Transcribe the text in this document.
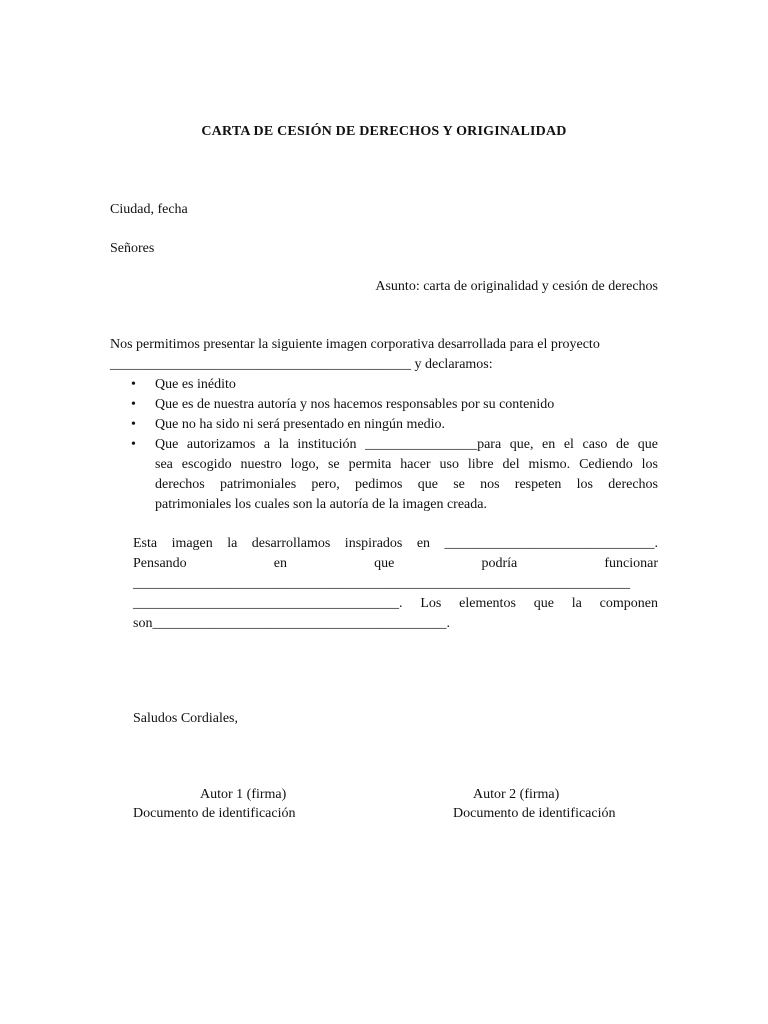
CARTA DE CESIÓN DE DERECHOS Y ORIGINALIDAD
Ciudad, fecha
Señores
Asunto: carta de originalidad y cesión de derechos
Nos permitimos presentar la siguiente imagen corporativa desarrollada para el proyecto
___________________________________________ y declaramos:
• Que es inédito
• Que es de nuestra autoría y nos hacemos responsables por su contenido
• Que no ha sido ni será presentado en ningún medio.
• Que autorizamos a la institución ________________para que, en el caso de que
sea escogido nuestro logo, se permita hacer uso libre del mismo. Cediendo los
derechos patrimoniales pero, pedimos que se nos respeten los derechos
patrimoniales los cuales son la autoría de la imagen creada.
Esta imagen la desarrollamos inspirados en ______________________________.
Pensando en que podría funcionar
_______________________________________________________________________
______________________________________. Los elementos que la componen
son__________________________________________.
Saludos Cordiales,
Autor 1 (firma)
Documento de identificación
Autor 2 (firma)
Documento de identificación
